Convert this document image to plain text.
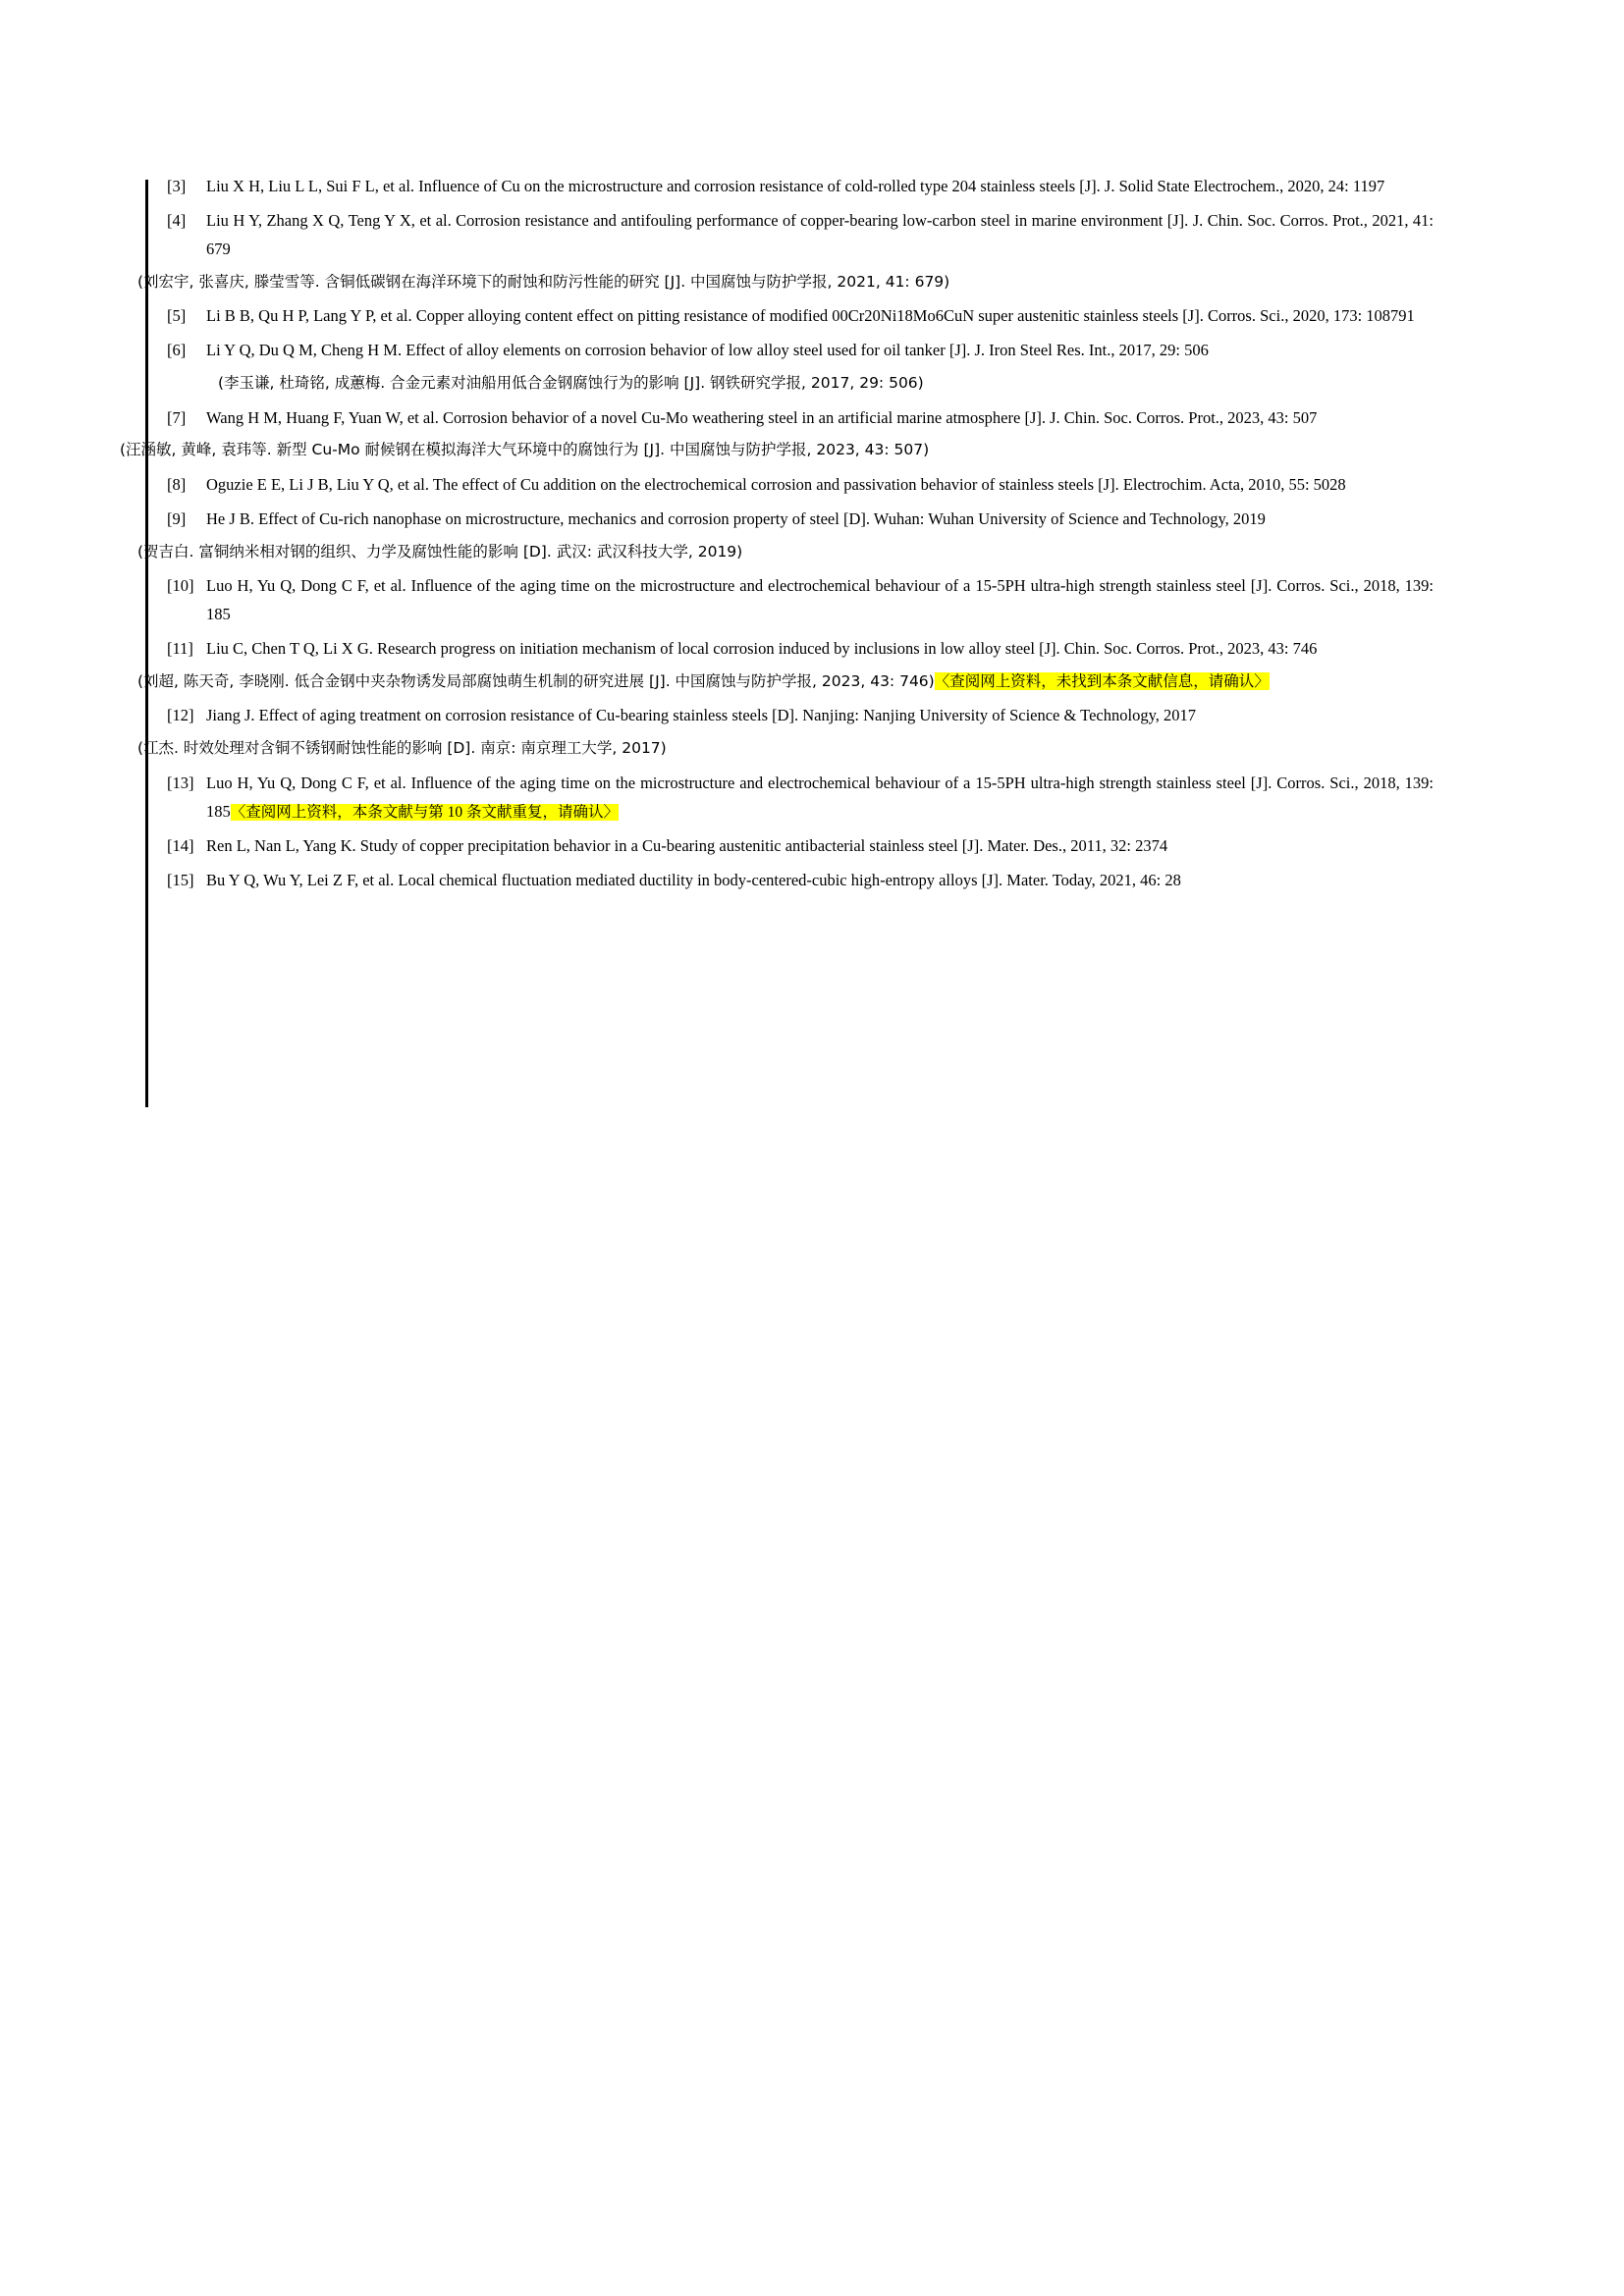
[3]	Liu X H, Liu L L, Sui F L, et al. Influence of Cu on the microstructure and corrosion resistance of cold-rolled type 204 stainless steels [J]. J. Solid State Electrochem., 2020, 24: 1197
[4]	Liu H Y, Zhang X Q, Teng Y X, et al. Corrosion resistance and antifouling performance of copper-bearing low-carbon steel in marine environment [J]. J. Chin. Soc. Corros. Prot., 2021, 41: 679
(刘宏宇, 张喜庆, 滕莹雪等. 含铜低碳钢在海洋环境下的耐蚀和防污性能的研究 [J]. 中国腐蚀与防护学报, 2021, 41: 679)
[5]	Li B B, Qu H P, Lang Y P, et al. Copper alloying content effect on pitting resistance of modified 00Cr20Ni18Mo6CuN super austenitic stainless steels [J]. Corros. Sci., 2020, 173: 108791
[6]	Li Y Q, Du Q M, Cheng H M. Effect of alloy elements on corrosion behavior of low alloy steel used for oil tanker [J]. J. Iron Steel Res. Int., 2017, 29: 506
(李玉谦, 杜琦铭, 成蕙梅. 合金元素对油船用低合金钢腐蚀行为的影响 [J]. 钢铁研究学报, 2017, 29: 506)
[7]	Wang H M, Huang F, Yuan W, et al. Corrosion behavior of a novel Cu-Mo weathering steel in an artificial marine atmosphere [J]. J. Chin. Soc. Corros. Prot., 2023, 43: 507
(汪涵敏, 黄峰, 袁玮等. 新型 Cu-Mo 耐候钢在模拟海洋大气环境中的腐蚀行为 [J]. 中国腐蚀与防护学报, 2023, 43: 507)
[8]	Oguzie E E, Li J B, Liu Y Q, et al. The effect of Cu addition on the electrochemical corrosion and passivation behavior of stainless steels [J]. Electrochim. Acta, 2010, 55: 5028
[9]	He J B. Effect of Cu-rich nanophase on microstructure, mechanics and corrosion property of steel [D]. Wuhan: Wuhan University of Science and Technology, 2019
(贺吉白. 富铜纳米相对钢的组织、力学及腐蚀性能的影响 [D]. 武汉: 武汉科技大学, 2019)
[10] Luo H, Yu Q, Dong C F, et al. Influence of the aging time on the microstructure and electrochemical behaviour of a 15-5PH ultra-high strength stainless steel [J]. Corros. Sci., 2018, 139: 185
[11] Liu C, Chen T Q, Li X G. Research progress on initiation mechanism of local corrosion induced by inclusions in low alloy steel [J]. Chin. Soc. Corros. Prot., 2023, 43: 746
(刘超, 陈天奇, 李晓刚. 低合金钢中夹杂物诱发局部腐蚀萌生机制的研究进展 [J]. 中国腐蚀与防护学报, 2023, 43: 746)〈查阅网上资料，未找到本条文献信息，请确认〉
[12] Jiang J. Effect of aging treatment on corrosion resistance of Cu-bearing stainless steels [D]. Nanjing: Nanjing University of Science & Technology, 2017
(江杰. 时效处理对含铜不锈钢耐蚀性能的影响 [D]. 南京: 南京理工大学, 2017)
[13] Luo H, Yu Q, Dong C F, et al. Influence of the aging time on the microstructure and electrochemical behaviour of a 15-5PH ultra-high strength stainless steel [J]. Corros. Sci., 2018, 139: 185〈查阅网上资料，本条文献与第 10 条文献重复，请确认〉
[14] Ren L, Nan L, Yang K. Study of copper precipitation behavior in a Cu-bearing austenitic antibacterial stainless steel [J]. Mater. Des., 2011, 32: 2374
[15] Bu Y Q, Wu Y, Lei Z F, et al. Local chemical fluctuation mediated ductility in body-centered-cubic high-entropy alloys [J]. Mater. Today, 2021, 46: 28
